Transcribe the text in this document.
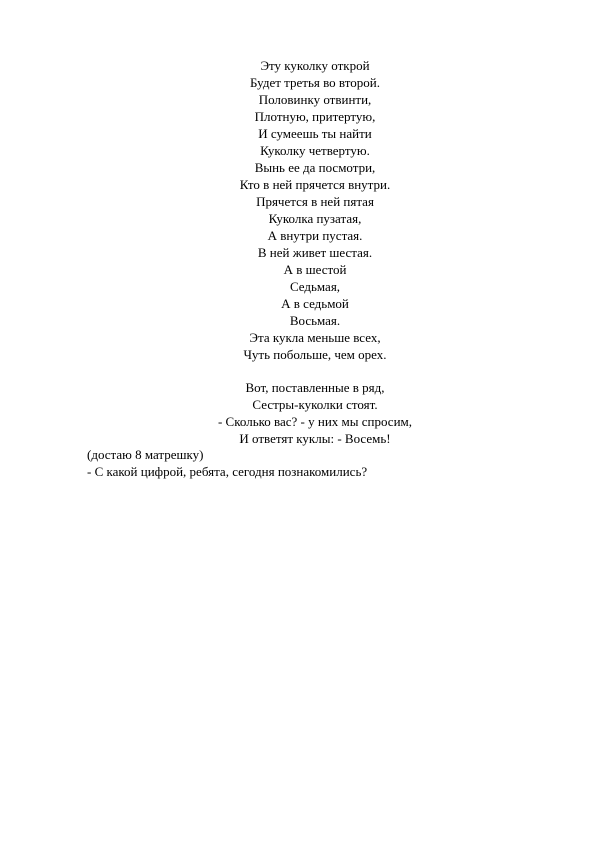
Эту куколку открой
Будет третья во второй.
Половинку отвинти,
Плотную, притертую,
И сумеешь ты найти
Куколку четвертую.
Вынь ее да посмотри,
Кто в ней прячется внутри.
Прячется в ней пятая
Куколка пузатая,
А внутри пустая.
В ней живет шестая.
А в шестой
Седьмая,
А в седьмой
Восьмая.
Эта кукла меньше всех,
Чуть побольше, чем орех.
Вот, поставленные в ряд,
Сестры-куколки стоят.
- Сколько вас? - у них мы спросим,
И ответят куклы: - Восемь!
(достаю 8 матрешку)
- С какой цифрой, ребята, сегодня познакомились?
